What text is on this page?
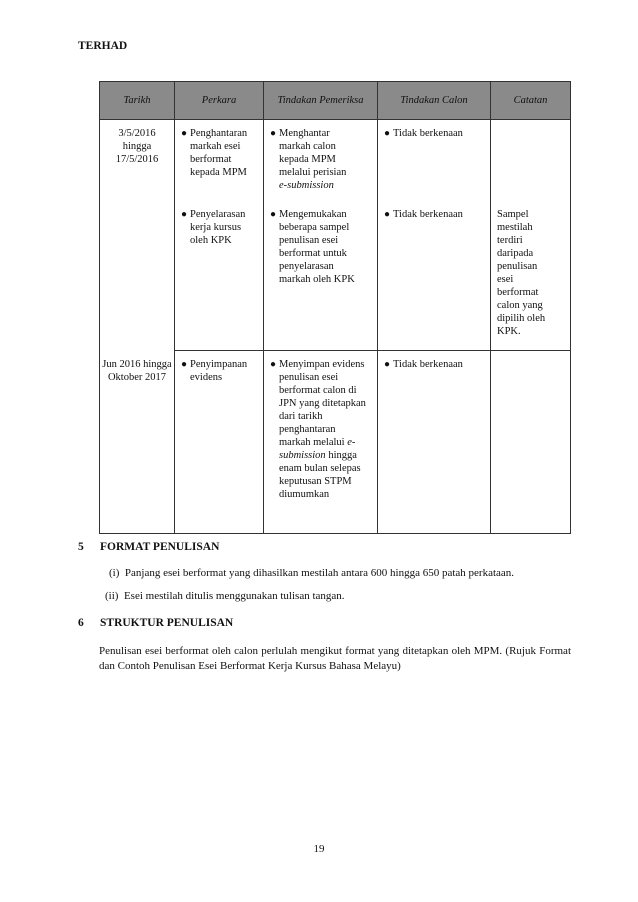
TERHAD
Tarikh	Perkara	Tindakan Pemeriksa	Tindakan Calon	Catatan

3/5/2016 hingga 17/5/2016	● Penghantaran markah esei berformat kepada MPM	● Menghantar markah calon kepada MPM melalui perisian e-submission	● Tidak berkenaan	

	● Penyelarasan kerja kursus oleh KPK	● Mengemukakan beberapa sampel penulisan esei berformat untuk penyelarasan markah oleh KPK	● Tidak berkenaan	Sampel mestilah terdiri daripada penulisan esei berformat calon yang dipilih oleh KPK.

Jun 2016 hingga Oktober 2017	● Penyimpanan evidens	● Menyimpan evidens penulisan esei berformat calon di JPN yang ditetapkan dari tarikh penghantaran markah melalui e-submission hingga enam bulan selepas keputusan STPM diumumkan	● Tidak berkenaan	

5 FORMAT PENULISAN
(i) Panjang esei berformat yang dihasilkan mestilah antara 600 hingga 650 patah perkataan.
(ii) Esei mestilah ditulis menggunakan tulisan tangan.
6 STRUKTUR PENULISAN
Penulisan esei berformat oleh calon perlulah mengikut format yang ditetapkan oleh MPM. (Rujuk Format dan Contoh Penulisan Esei Berformat Kerja Kursus Bahasa Melayu)
19
